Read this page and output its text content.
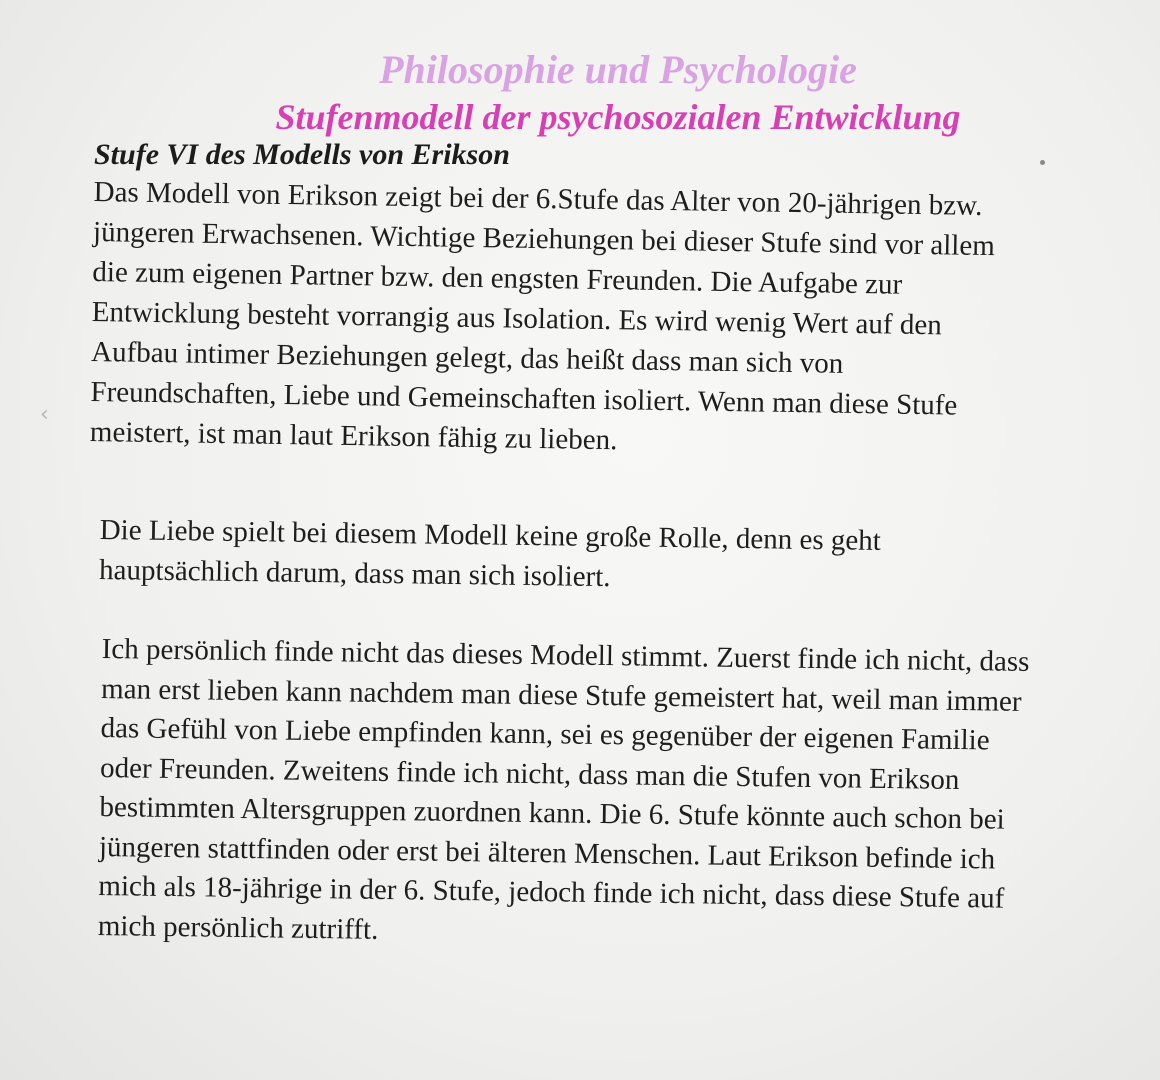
Philosophie und Psychologie
Stufenmodell der psychosozialen Entwicklung
Stufe VI des Modells von Erikson
Das Modell von Erikson zeigt bei der 6.Stufe das Alter von 20-jährigen bzw.
jüngeren Erwachsenen. Wichtige Beziehungen bei dieser Stufe sind vor allem
die zum eigenen Partner bzw. den engsten Freunden. Die Aufgabe zur
Entwicklung besteht vorrangig aus Isolation. Es wird wenig Wert auf den
Aufbau intimer Beziehungen gelegt, das heißt dass man sich von
Freundschaften, Liebe und Gemeinschaften isoliert. Wenn man diese Stufe
meistert, ist man laut Erikson fähig zu lieben.
Die Liebe spielt bei diesem Modell keine große Rolle, denn es geht
hauptsächlich darum, dass man sich isoliert.
Ich persönlich finde nicht das dieses Modell stimmt. Zuerst finde ich nicht, dass
man erst lieben kann nachdem man diese Stufe gemeistert hat, weil man immer
das Gefühl von Liebe empfinden kann, sei es gegenüber der eigenen Familie
oder Freunden. Zweitens finde ich nicht, dass man die Stufen von Erikson
bestimmten Altersgruppen zuordnen kann. Die 6. Stufe könnte auch schon bei
jüngeren stattfinden oder erst bei älteren Menschen. Laut Erikson befinde ich
mich als 18-jährige in der 6. Stufe, jedoch finde ich nicht, dass diese Stufe auf
mich persönlich zutrifft.
‹
